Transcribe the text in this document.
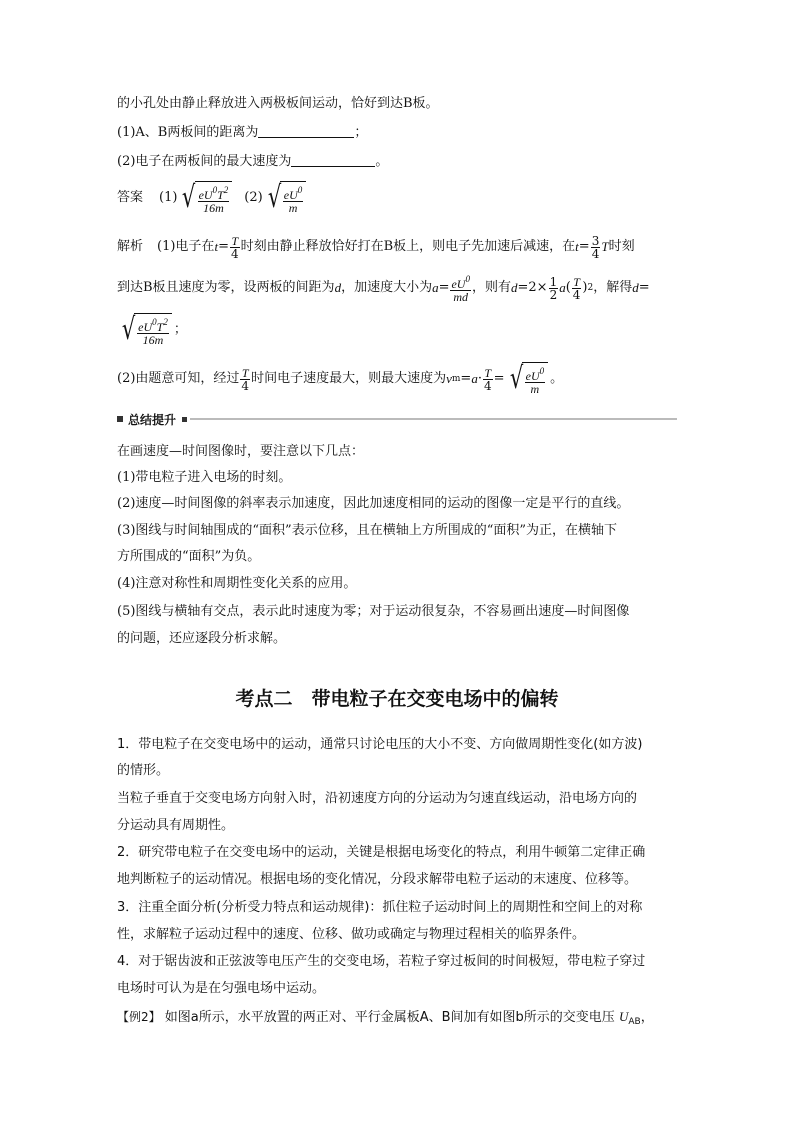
的小孔处由静止释放进入两极板间运动，恰好到达B板。
(1)A、B两板间的距离为	；
(2)电子在两板间的最大速度为	。
答案 (1) √ $\frac{eU^0T^2}{16m} (2)$ √ $\frac{eU^0}{m}$
解析 (1)电子在 $t = \frac{T}{4}$ 时刻由静止释放恰好打在B板上，则电子先加速后减速，在 $t = \frac{3}{4}$ T 时刻
到达B板且速度为零，设两板的间距为 d ，加速度大小为 $a = \frac{eU^0}{md}$ ，则有 $d =2\times \frac{1}{2}$ a ( $\frac{T}{4}$ ) 2 ，解得 d =
√ $\frac{eU^0T^2}{16m}$ ；
(2)由题意可知，经过 $\frac{T}{4}$ 时间电子速度最大，则最大速度为 v $m = a \cdot \frac{T}{4}$ = √ $\frac{eU^0}{m}$ 。
总结提升
在画速度—时间图像时，要注意以下几点：
(1)带电粒子进入电场的时刻。
(2)速度—时间图像的斜率表示加速度，因此加速度相同的运动的图像一定是平行的直线。
(3)图线与时间轴围成的“面积”表示位移，且在横轴上方所围成的“面积”为正，在横轴下
方所围成的“面积”为负。
(4)注意对称性和周期性变化关系的应用。
(5)图线与横轴有交点，表示此时速度为零；对于运动很复杂，不容易画出速度—时间图像
的问题，还应逐段分析求解。
考点二　带电粒子在交变电场中的偏转
1．带电粒子在交变电场中的运动，通常只讨论电压的大小不变、方向做周期性变化(如方波)
的情形。
当粒子垂直于交变电场方向射入时，沿初速度方向的分运动为匀速直线运动，沿电场方向的
分运动具有周期性。
2．研究带电粒子在交变电场中的运动，关键是根据电场变化的特点，利用牛顿第二定律正确
地判断粒子的运动情况。根据电场的变化情况，分段求解带电粒子运动的末速度、位移等。
3．注重全面分析(分析受力特点和运动规律)：抓住粒子运动时间上的周期性和空间上的对称
性，求解粒子运动过程中的速度、位移、做功或确定与物理过程相关的临界条件。
4．对于锯齿波和正弦波等电压产生的交变电场，若粒子穿过板间的时间极短，带电粒子穿过
电场时可认为是在匀强电场中运动。
【例2】 如图a所示，水平放置的两正对、平行金属板A、B间加有如图b所示的交变电压 $U_{AB}$，
